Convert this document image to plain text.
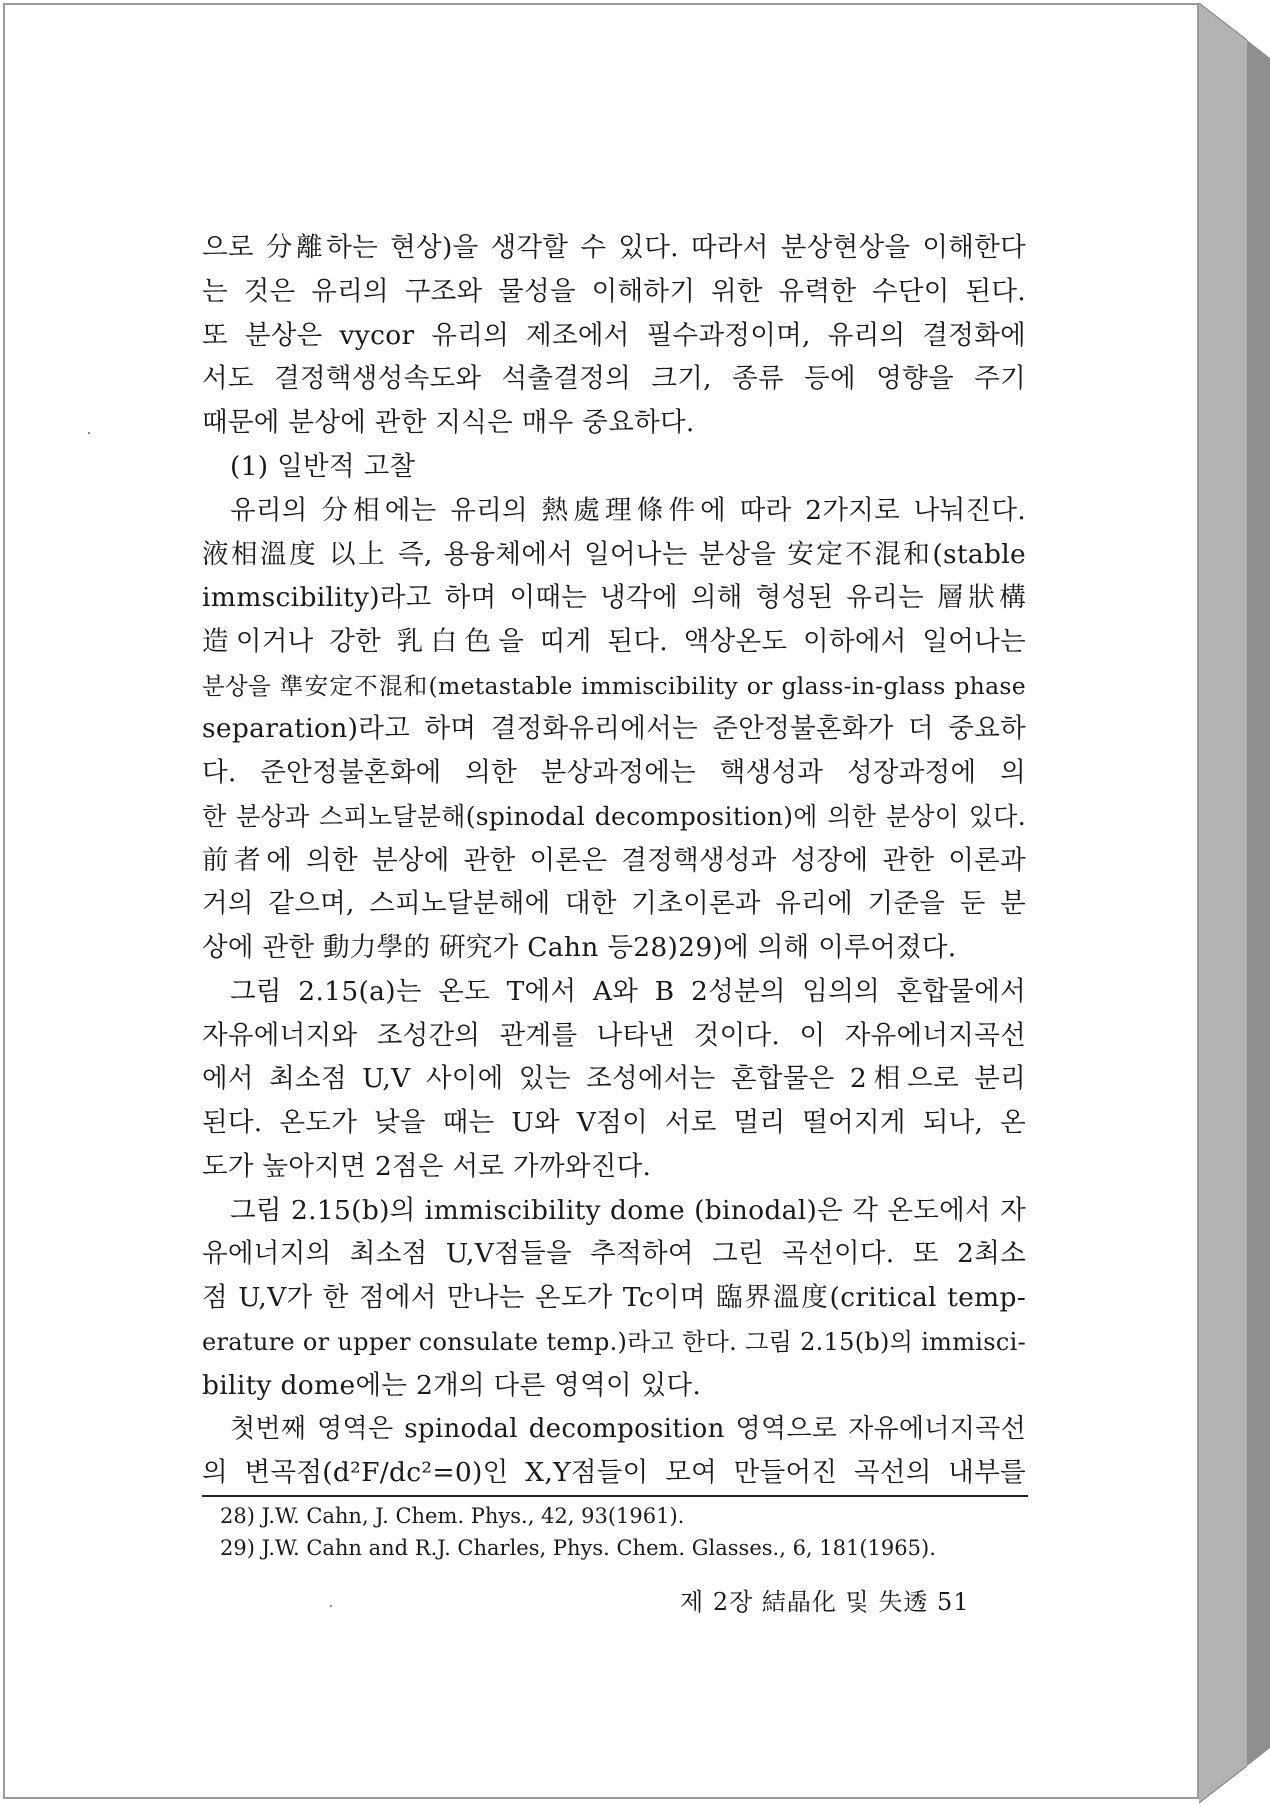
으로 分離하는 현상)을 생각할 수 있다. 따라서 분상현상을 이해한다
는 것은 유리의 구조와 물성을 이해하기 위한 유력한 수단이 된다.
또 분상은 vycor 유리의 제조에서 필수과정이며, 유리의 결정화에
서도 결정핵생성속도와 석출결정의 크기, 종류 등에 영향을 주기
때문에 분상에 관한 지식은 매우 중요하다.
(1) 일반적 고찰
유리의 分相에는 유리의 熱處理條件에 따라 2가지로 나눠진다.
液相溫度 以上 즉, 용융체에서 일어나는 분상을 安定不混和(stable
immscibility)라고 하며 이때는 냉각에 의해 형성된 유리는 層狀構
造이거나 강한 乳白色을 띠게 된다. 액상온도 이하에서 일어나는
분상을 準安定不混和(metastable immiscibility or glass-in-glass phase
separation)라고 하며 결정화유리에서는 준안정불혼화가 더 중요하
다. 준안정불혼화에 의한 분상과정에는 핵생성과 성장과정에 의
한 분상과 스피노달분해(spinodal decomposition)에 의한 분상이 있다.
前者에 의한 분상에 관한 이론은 결정핵생성과 성장에 관한 이론과
거의 같으며, 스피노달분해에 대한 기초이론과 유리에 기준을 둔 분
상에 관한 動力學的 硏究가 Cahn 등28)29)에 의해 이루어졌다.
그림 2.15(a)는 온도 T에서 A와 B 2성분의 임의의 혼합물에서
자유에너지와 조성간의 관계를 나타낸 것이다. 이 자유에너지곡선
에서 최소점 U,V 사이에 있는 조성에서는 혼합물은 2相으로 분리
된다. 온도가 낮을 때는 U와 V점이 서로 멀리 떨어지게 되나, 온
도가 높아지면 2점은 서로 가까와진다.
그림 2.15(b)의 immiscibility dome (binodal)은 각 온도에서 자
유에너지의 최소점 U,V점들을 추적하여 그린 곡선이다. 또 2최소
점 U,V가 한 점에서 만나는 온도가 Tc이며 臨界溫度(critical temp-
erature or upper consulate temp.)라고 한다. 그림 2.15(b)의 immisci-
bility dome에는 2개의 다른 영역이 있다.
첫번째 영역은 spinodal decomposition 영역으로 자유에너지곡선
의 변곡점(d²F/dc²=0)인 X,Y점들이 모여 만들어진 곡선의 내부를
28) J.W. Cahn, J. Chem. Phys., 42, 93(1961).
29) J.W. Cahn and R.J. Charles, Phys. Chem. Glasses., 6, 181(1965).
제 2장 結晶化 및 失透 51
